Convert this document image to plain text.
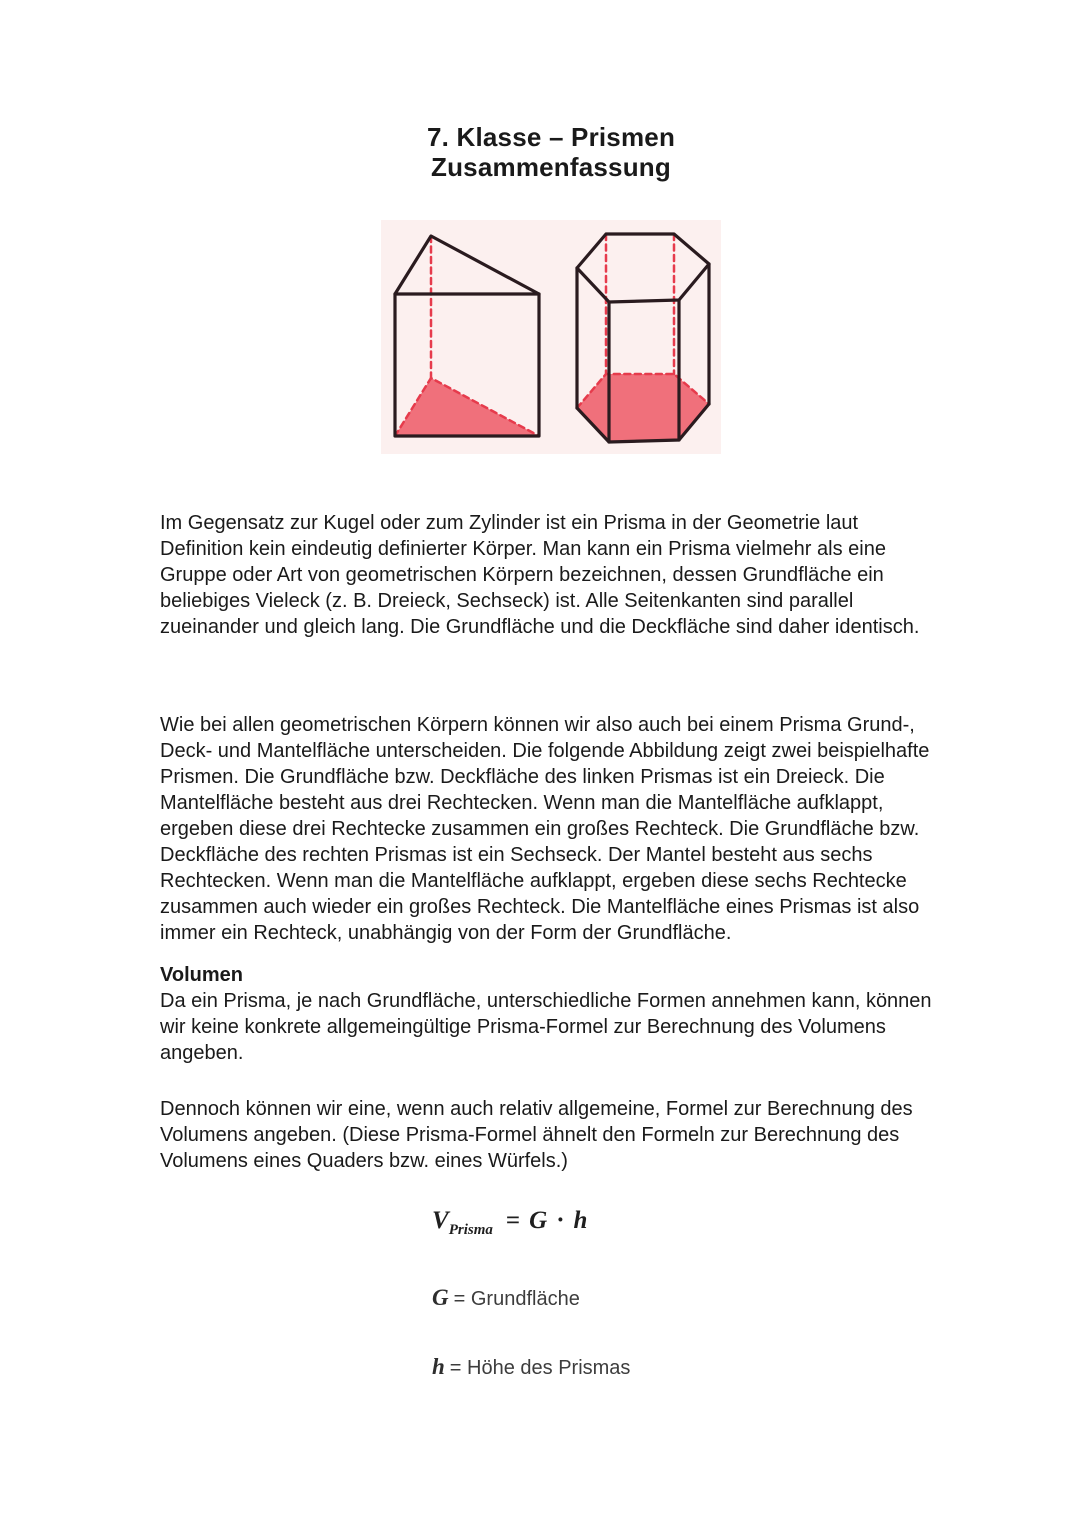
7. Klasse – Prismen
Zusammenfassung

Im Gegensatz zur Kugel oder zum Zylinder ist ein Prisma in der Geometrie laut Definition kein eindeutig definierter Körper. Man kann ein Prisma vielmehr als eine Gruppe oder Art von geometrischen Körpern bezeichnen, dessen Grundfläche ein beliebiges Vieleck (z. B. Dreieck, Sechseck) ist. Alle Seitenkanten sind parallel zueinander und gleich lang. Die Grundfläche und die Deckfläche sind daher identisch.

Wie bei allen geometrischen Körpern können wir also auch bei einem Prisma Grund-, Deck- und Mantelfläche unterscheiden. Die folgende Abbildung zeigt zwei beispielhafte Prismen. Die Grundfläche bzw. Deckfläche des linken Prismas ist ein Dreieck. Die Mantelfläche besteht aus drei Rechtecken. Wenn man die Mantelfläche aufklappt, ergeben diese drei Rechtecke zusammen ein großes Rechteck. Die Grundfläche bzw. Deckfläche des rechten Prismas ist ein Sechseck. Der Mantel besteht aus sechs Rechtecken. Wenn man die Mantelfläche aufklappt, ergeben diese sechs Rechtecke zusammen auch wieder ein großes Rechteck. Die Mantelfläche eines Prismas ist also immer ein Rechteck, unabhängig von der Form der Grundfläche.

Volumen

Da ein Prisma, je nach Grundfläche, unterschiedliche Formen annehmen kann, können wir keine konkrete allgemeingültige Prisma-Formel zur Berechnung des Volumens angeben.

Dennoch können wir eine, wenn auch relativ allgemeine, Formel zur Berechnung des Volumens angeben. (Diese Prisma-Formel ähnelt den Formeln zur Berechnung des Volumens eines Quaders bzw. eines Würfels.)

$V_{Prisma} = G \cdot h$
G = Grundfläche
h = Höhe des Prismas
